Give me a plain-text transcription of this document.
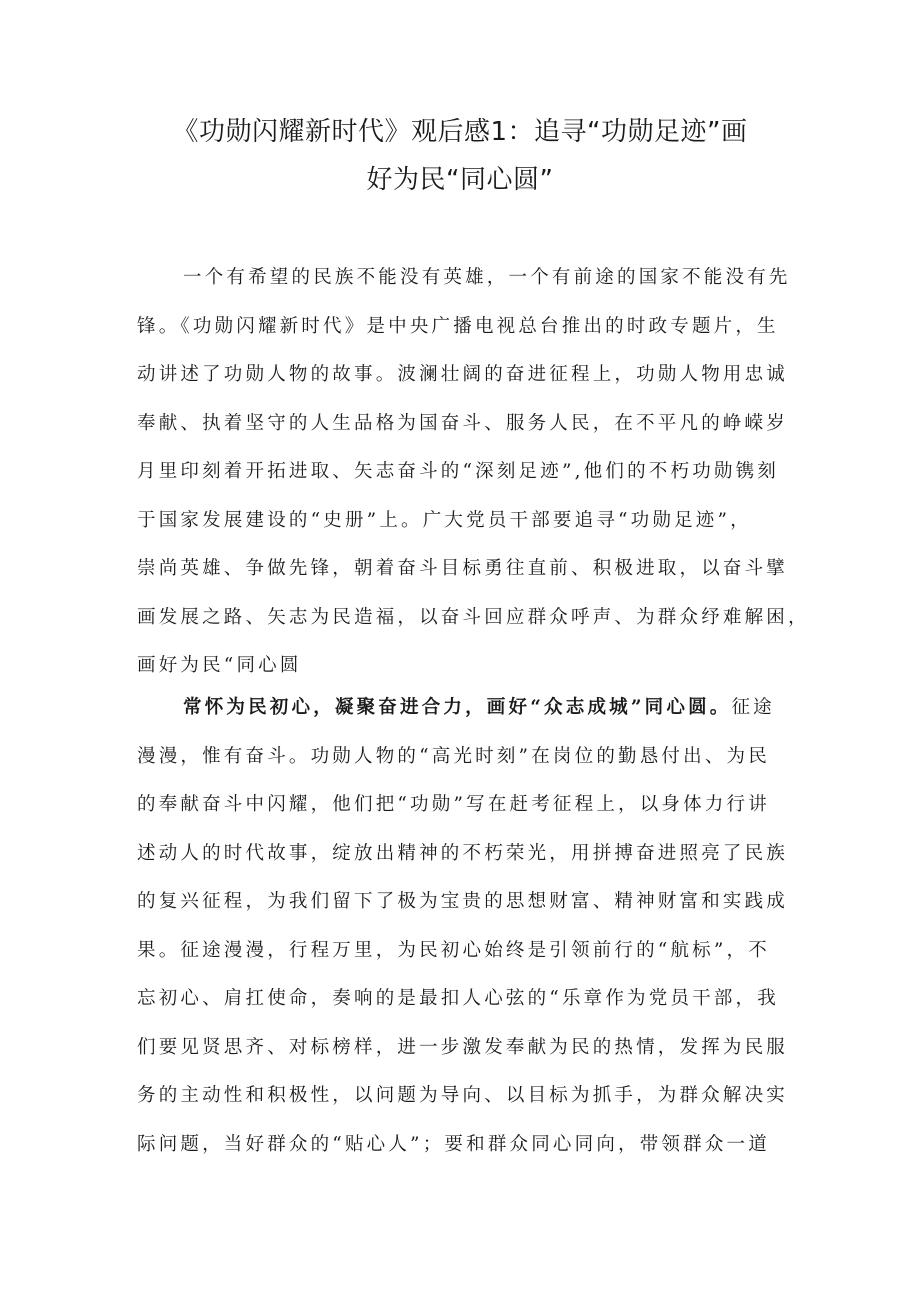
《功勋闪耀新时代》观后感1：追寻“功勋足迹”画
好为民“同心圆”
一个有希望的民族不能没有英雄，一个有前途的国家不能没有先
锋。《功勋闪耀新时代》是中央广播电视总台推出的时政专题片，生
动讲述了功勋人物的故事。波澜壮阔的奋进征程上，功勋人物用忠诚
奉献、执着坚守的人生品格为国奋斗、服务人民，在不平凡的峥嵘岁
月里印刻着开拓进取、矢志奋斗的“深刻足迹”,他们的不朽功勋镌刻
于国家发展建设的“史册”上。广大党员干部要追寻“功勋足迹”，
崇尚英雄、争做先锋，朝着奋斗目标勇往直前、积极进取，以奋斗擘
画发展之路、矢志为民造福，以奋斗回应群众呼声、为群众纾难解困，
画好为民“同心圆
常怀为民初心，凝聚奋进合力，画好“众志成城”同心圆。征途
漫漫，惟有奋斗。功勋人物的“高光时刻”在岗位的勤恳付出、为民
的奉献奋斗中闪耀，他们把“功勋”写在赶考征程上，以身体力行讲
述动人的时代故事，绽放出精神的不朽荣光，用拼搏奋进照亮了民族
的复兴征程，为我们留下了极为宝贵的思想财富、精神财富和实践成
果。征途漫漫，行程万里，为民初心始终是引领前行的“航标”，不
忘初心、肩扛使命，奏响的是最扣人心弦的“乐章作为党员干部，我
们要见贤思齐、对标榜样，进一步激发奉献为民的热情，发挥为民服
务的主动性和积极性，以问题为导向、以目标为抓手，为群众解决实
际问题，当好群众的“贴心人”；要和群众同心同向，带领群众一道
